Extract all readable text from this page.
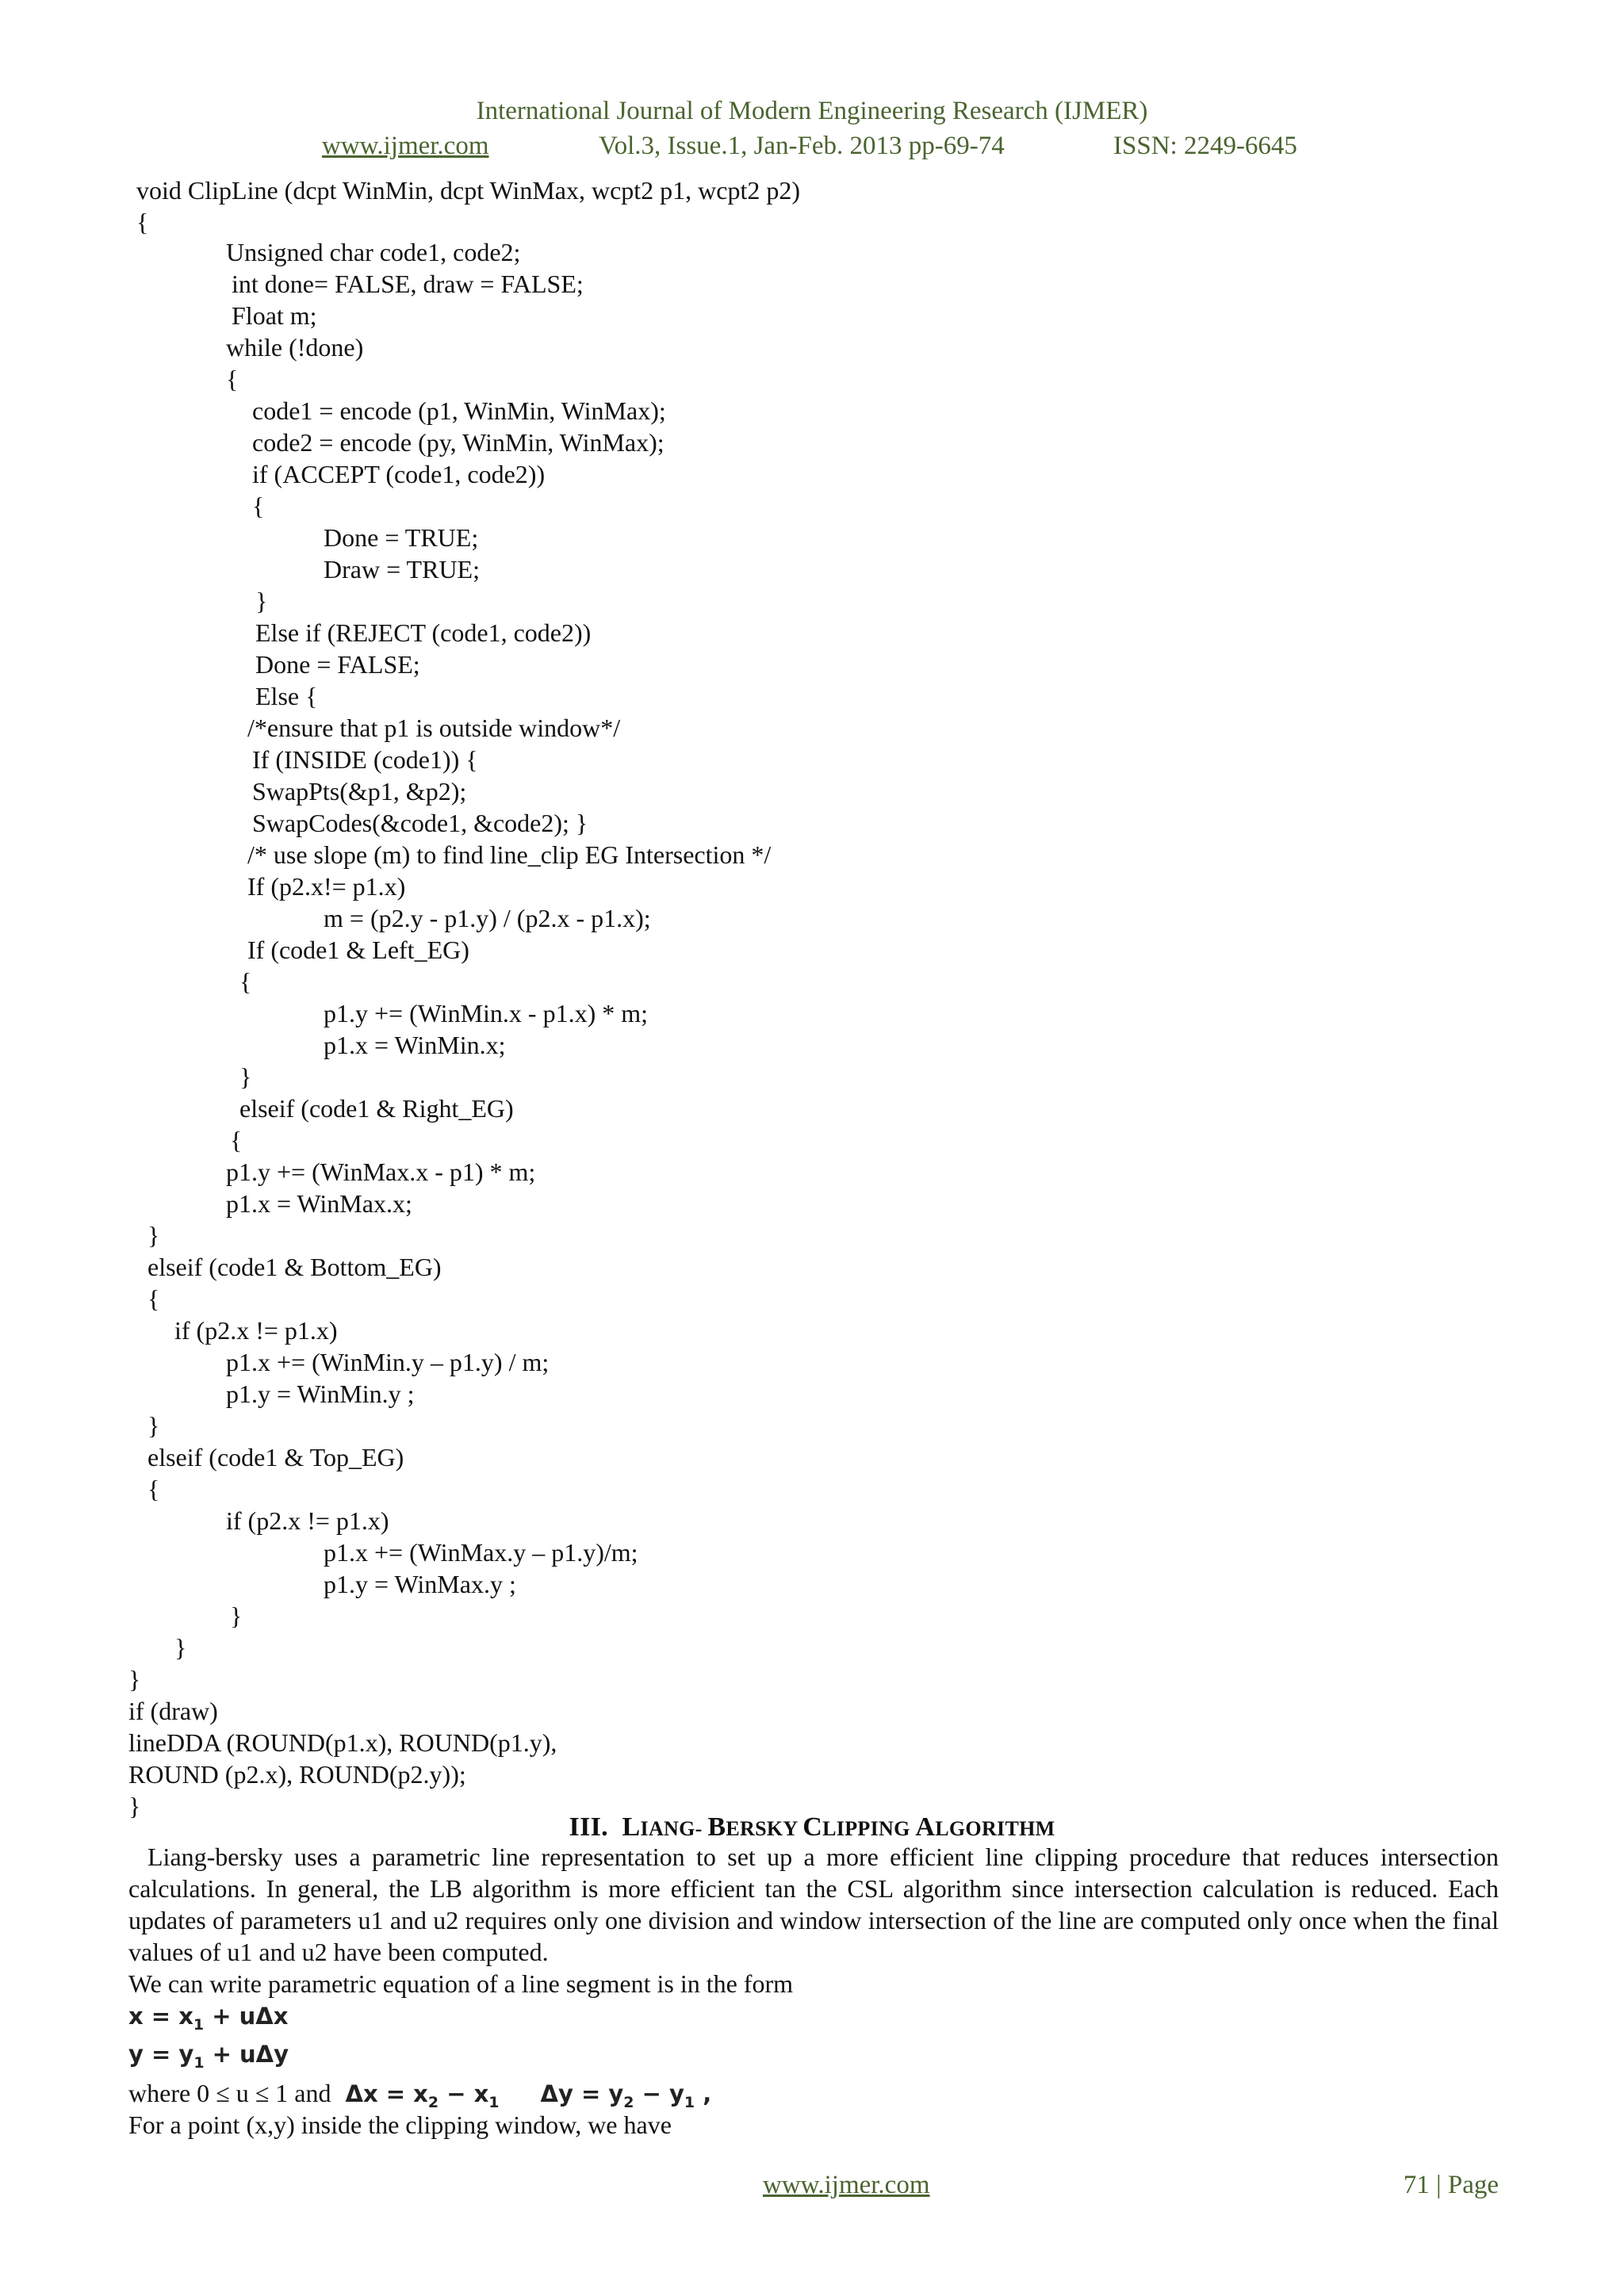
International Journal of Modern Engineering Research (IJMER)
www.ijmer.com	Vol.3, Issue.1, Jan-Feb. 2013 pp-69-74	ISSN: 2249-6645
void ClipLine (dcpt WinMin, dcpt WinMax, wcpt2 p1, wcpt2 p2)
{
Unsigned char code1, code2;
int done= FALSE, draw = FALSE;
Float m;
while (!done)
{
code1 = encode (p1, WinMin, WinMax);
code2 = encode (py, WinMin, WinMax);
if (ACCEPT (code1, code2))
{
Done = TRUE;
Draw = TRUE;
}
Else if (REJECT (code1, code2))
Done = FALSE;
Else {
/*ensure that p1 is outside window*/
If (INSIDE (code1)) {
SwapPts(&p1, &p2);
SwapCodes(&code1, &code2); }
/* use slope (m) to find line_clip EG Intersection */
If (p2.x!= p1.x)
m = (p2.y - p1.y) / (p2.x - p1.x);
If (code1 & Left_EG)
{
p1.y += (WinMin.x - p1.x) * m;
p1.x = WinMin.x;
}
elseif (code1 & Right_EG)
{
p1.y += (WinMax.x - p1) * m;
p1.x = WinMax.x;
}
elseif (code1 & Bottom_EG)
{
if (p2.x != p1.x)
p1.x += (WinMin.y – p1.y) / m;
p1.y = WinMin.y ;
}
elseif (code1 & Top_EG)
{
if (p2.x != p1.x)
p1.x += (WinMax.y – p1.y)/m;
p1.y = WinMax.y ;
}
}
}
if (draw)
lineDDA (ROUND(p1.x), ROUND(p1.y),
ROUND (p2.x), ROUND(p2.y));
}
III. LIANG- BERSKY CLIPPING ALGORITHM
Liang-bersky uses a parametric line representation to set up a more efficient line clipping procedure that reduces intersection calculations. In general, the LB algorithm is more efficient tan the CSL algorithm since intersection calculation is reduced. Each updates of parameters u1 and u2 requires only one division and window intersection of the line are computed only once when the final values of u1 and u2 have been computed.
We can write parametric equation of a line segment is in the form
$x = x_1 + u\Delta x$
$y = y_1 + u\Delta y$
where 0 ≤ u ≤ 1 and $\Delta x = x_2 - x_1$ $\Delta y = y_2 - y_1$ ,
For a point (x,y) inside the clipping window, we have
www.ijmer.com	71 | Page
